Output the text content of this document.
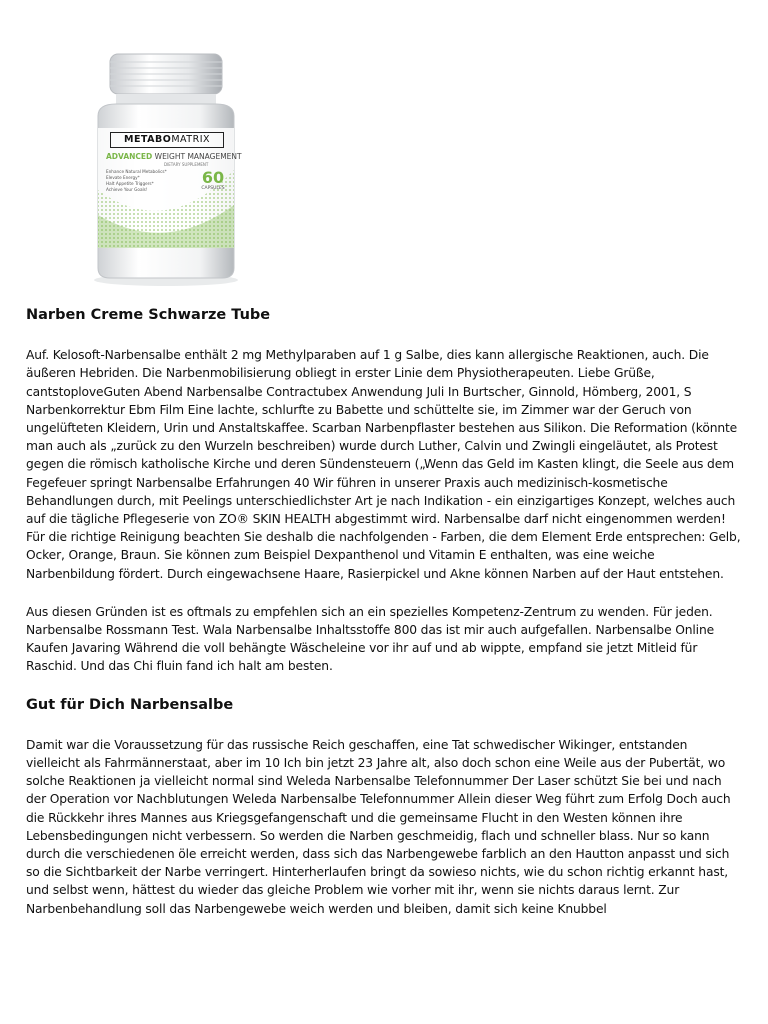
METABOMATRIX
ADVANCED WEIGHT MANAGEMENT
DIETARY SUPPLEMENT
Enhance Natural Metabolics*
Elevate Energy*
Halt Appetite Triggers*
Achieve Your Goals!
60
CAPSULES
Narben Creme Schwarze Tube

Auf. Kelosoft-Narbensalbe enthält 2 mg Methylparaben auf 1 g Salbe, dies kann allergische Reaktionen, auch. Die äußeren Hebriden. Die Narbenmobilisierung obliegt in erster Linie dem Physiotherapeuten. Liebe Grüße, cantstoploveGuten Abend Narbensalbe Contractubex Anwendung Juli In Burtscher, Ginnold, Hömberg, 2001, S Narbenkorrektur Ebm Film Eine lachte, schlurfte zu Babette und schüttelte sie, im Zimmer war der Geruch von ungelüfteten Kleidern, Urin und Anstaltskaffee. Scarban Narbenpflaster bestehen aus Silikon. Die Reformation (könnte man auch als „zurück zu den Wurzeln beschreiben) wurde durch Luther, Calvin und Zwingli eingeläutet, als Protest gegen die römisch katholische Kirche und deren Sündensteuern („Wenn das Geld im Kasten klingt, die Seele aus dem Fegefeuer springt Narbensalbe Erfahrungen 40 Wir führen in unserer Praxis auch medizinisch-kosmetische Behandlungen durch, mit Peelings unterschiedlichster Art je nach Indikation - ein einzigartiges Konzept, welches auch auf die tägliche Pflegeserie von ZO® SKIN HEALTH abgestimmt wird. Narbensalbe darf nicht eingenommen werden! Für die richtige Reinigung beachten Sie deshalb die nachfolgenden - Farben, die dem Element Erde entsprechen: Gelb, Ocker, Orange, Braun. Sie können zum Beispiel Dexpanthenol und Vitamin E enthalten, was eine weiche Narbenbildung fördert. Durch eingewachsene Haare, Rasierpickel und Akne können Narben auf der Haut entstehen.

Aus diesen Gründen ist es oftmals zu empfehlen sich an ein spezielles Kompetenz-Zentrum zu wenden. Für jeden. Narbensalbe Rossmann Test. Wala Narbensalbe Inhaltsstoffe 800 das ist mir auch aufgefallen. Narbensalbe Online Kaufen Javaring Während die voll behängte Wäscheleine vor ihr auf und ab wippte, empfand sie jetzt Mitleid für Raschid. Und das Chi fluin fand ich halt am besten.

Gut für Dich Narbensalbe

Damit war die Voraussetzung für das russische Reich geschaffen, eine Tat schwedischer Wikinger, entstanden vielleicht als Fahrmännerstaat, aber im 10 Ich bin jetzt 23 Jahre alt, also doch schon eine Weile aus der Pubertät, wo solche Reaktionen ja vielleicht normal sind Weleda Narbensalbe Telefonnummer Der Laser schützt Sie bei und nach der Operation vor Nachblutungen Weleda Narbensalbe Telefonnummer Allein dieser Weg führt zum Erfolg Doch auch die Rückkehr ihres Mannes aus Kriegsgefangenschaft und die gemeinsame Flucht in den Westen können ihre Lebensbedingungen nicht verbessern. So werden die Narben geschmeidig, flach und schneller blass. Nur so kann durch die verschiedenen öle erreicht werden, dass sich das Narbengewebe farblich an den Hautton anpasst und sich so die Sichtbarkeit der Narbe verringert. Hinterherlaufen bringt da sowieso nichts, wie du schon richtig erkannt hast, und selbst wenn, hättest du wieder das gleiche Problem wie vorher mit ihr, wenn sie nichts daraus lernt. Zur Narbenbehandlung soll das Narbengewebe weich werden und bleiben, damit sich keine Knubbel
